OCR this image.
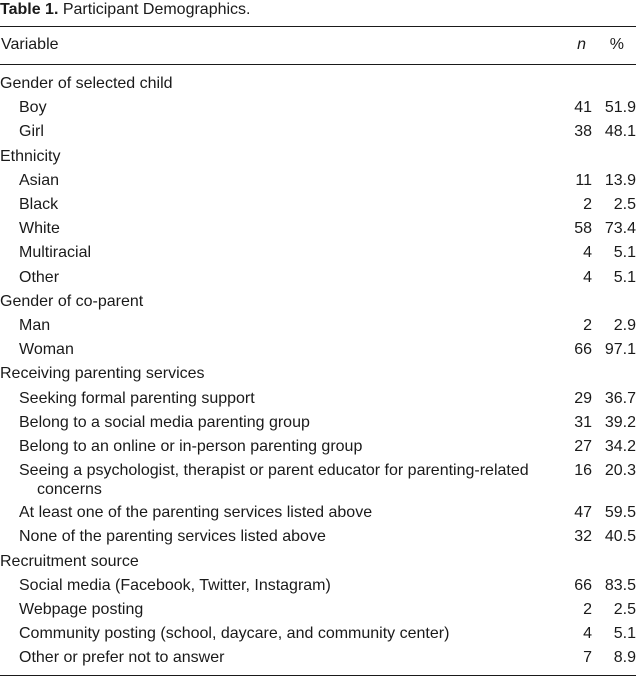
Table 1. Participant Demographics.
Variable	n %
Gender of selected child		
Boy	41	51.9
Girl	38	48.1
Ethnicity		
Asian	11	13.9
Black	2	2.5
White	58	73.4
Multiracial	4	5.1
Other	4	5.1
Gender of co-parent		
Man	2	2.9
Woman	66	97.1
Receiving parenting services		
Seeking formal parenting support	29	36.7
Belong to a social media parenting group	31	39.2
Belong to an online or in-person parenting group	27	34.2
Seeing a psychologist, therapist or parent educator for parenting-related
concerns	16	20.3
At least one of the parenting services listed above	47	59.5
None of the parenting services listed above	32	40.5
Recruitment source		
Social media (Facebook, Twitter, Instagram)	66	83.5
Webpage posting	2	2.5
Community posting (school, daycare, and community center)	4	5.1
Other or prefer not to answer	7	8.9
